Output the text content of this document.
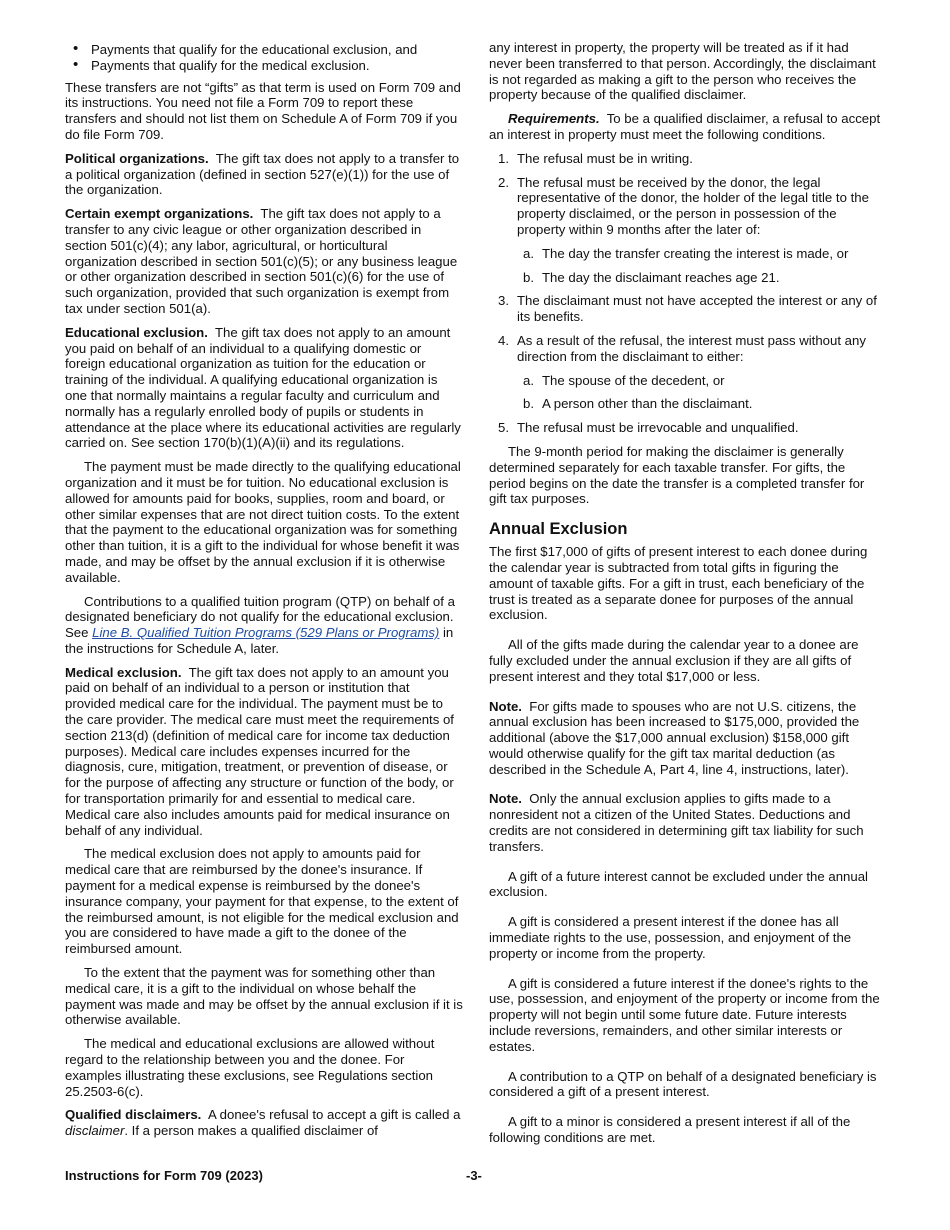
• Payments that qualify for the educational exclusion, and
• Payments that qualify for the medical exclusion.

These transfers are not “gifts” as that term is used on Form 709 and its instructions. You need not file a Form 709 to report these transfers and should not list them on Schedule A of Form 709 if you do file Form 709.

Political organizations. The gift tax does not apply to a transfer to a political organization (defined in section 527(e)(1)) for the use of the organization.

Certain exempt organizations. The gift tax does not apply to a transfer to any civic league or other organization described in section 501(c)(4); any labor, agricultural, or horticultural organization described in section 501(c)(5); or any business league or other organization described in section 501(c)(6) for the use of such organization, provided that such organization is exempt from tax under section 501(a).

Educational exclusion. The gift tax does not apply to an amount you paid on behalf of an individual to a qualifying domestic or foreign educational organization as tuition for the education or training of the individual. A qualifying educational organization is one that normally maintains a regular faculty and curriculum and normally has a regularly enrolled body of pupils or students in attendance at the place where its educational activities are regularly carried on. See section 170(b)(1)(A)(ii) and its regulations.

The payment must be made directly to the qualifying educational organization and it must be for tuition. No educational exclusion is allowed for amounts paid for books, supplies, room and board, or other similar expenses that are not direct tuition costs. To the extent that the payment to the educational organization was for something other than tuition, it is a gift to the individual for whose benefit it was made, and may be offset by the annual exclusion if it is otherwise available.

Contributions to a qualified tuition program (QTP) on behalf of a designated beneficiary do not qualify for the educational exclusion. See Line B. Qualified Tuition Programs (529 Plans or Programs) in the instructions for Schedule A, later.

Medical exclusion. The gift tax does not apply to an amount you paid on behalf of an individual to a person or institution that provided medical care for the individual. The payment must be to the care provider. The medical care must meet the requirements of section 213(d) (definition of medical care for income tax deduction purposes). Medical care includes expenses incurred for the diagnosis, cure, mitigation, treatment, or prevention of disease, or for the purpose of affecting any structure or function of the body, or for transportation primarily for and essential to medical care. Medical care also includes amounts paid for medical insurance on behalf of any individual.

The medical exclusion does not apply to amounts paid for medical care that are reimbursed by the donee's insurance. If payment for a medical expense is reimbursed by the donee's insurance company, your payment for that expense, to the extent of the reimbursed amount, is not eligible for the medical exclusion and you are considered to have made a gift to the donee of the reimbursed amount.

To the extent that the payment was for something other than medical care, it is a gift to the individual on whose behalf the payment was made and may be offset by the annual exclusion if it is otherwise available.

The medical and educational exclusions are allowed without regard to the relationship between you and the donee. For examples illustrating these exclusions, see Regulations section 25.2503-6(c).

Qualified disclaimers. A donee's refusal to accept a gift is called a disclaimer. If a person makes a qualified disclaimer of

any interest in property, the property will be treated as if it had never been transferred to that person. Accordingly, the disclaimant is not regarded as making a gift to the person who receives the property because of the qualified disclaimer.

Requirements. To be a qualified disclaimer, a refusal to accept an interest in property must meet the following conditions.

1. The refusal must be in writing.
2. The refusal must be received by the donor, the legal representative of the donor, the holder of the legal title to the property disclaimed, or the person in possession of the property within 9 months after the later of:
a. The day the transfer creating the interest is made, or
b. The day the disclaimant reaches age 21.
3. The disclaimant must not have accepted the interest or any of its benefits.
4. As a result of the refusal, the interest must pass without any direction from the disclaimant to either:
a. The spouse of the decedent, or
b. A person other than the disclaimant.
5. The refusal must be irrevocable and unqualified.

The 9-month period for making the disclaimer is generally determined separately for each taxable transfer. For gifts, the period begins on the date the transfer is a completed transfer for gift tax purposes.

Annual Exclusion

The first $17,000 of gifts of present interest to each donee during the calendar year is subtracted from total gifts in figuring the amount of taxable gifts. For a gift in trust, each beneficiary of the trust is treated as a separate donee for purposes of the annual exclusion.

All of the gifts made during the calendar year to a donee are fully excluded under the annual exclusion if they are all gifts of present interest and they total $17,000 or less.

Note. For gifts made to spouses who are not U.S. citizens, the annual exclusion has been increased to $175,000, provided the additional (above the $17,000 annual exclusion) $158,000 gift would otherwise qualify for the gift tax marital deduction (as described in the Schedule A, Part 4, line 4, instructions, later).

Note. Only the annual exclusion applies to gifts made to a nonresident not a citizen of the United States. Deductions and credits are not considered in determining gift tax liability for such transfers.

A gift of a future interest cannot be excluded under the annual exclusion.

A gift is considered a present interest if the donee has all immediate rights to the use, possession, and enjoyment of the property or income from the property.

A gift is considered a future interest if the donee's rights to the use, possession, and enjoyment of the property or income from the property will not begin until some future date. Future interests include reversions, remainders, and other similar interests or estates.

A contribution to a QTP on behalf of a designated beneficiary is considered a gift of a present interest.

A gift to a minor is considered a present interest if all of the following conditions are met.

Instructions for Form 709 (2023)	-3-
